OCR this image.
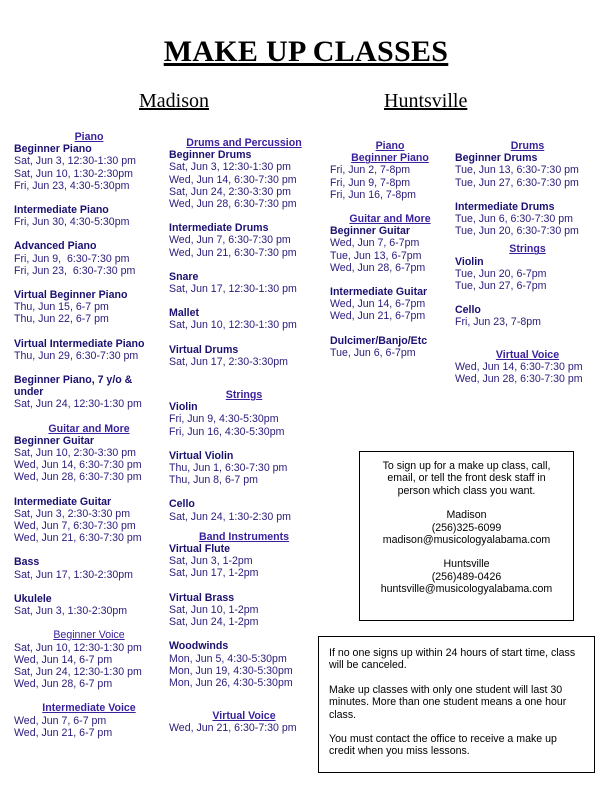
MAKE UP CLASSES
Madison	Huntsville
Piano
Beginner Piano
Sat, Jun 3, 12:30-1:30 pm
Sat, Jun 10, 1:30-2:30pm
Fri, Jun 23, 4:30-5:30pm
Intermediate Piano
Fri, Jun 30, 4:30-5:30pm
Advanced Piano
Fri, Jun 9,  6:30-7:30 pm
Fri, Jun 23,  6:30-7:30 pm
Virtual Beginner Piano
Thu, Jun 15, 6-7 pm
Thu, Jun 22, 6-7 pm
Virtual Intermediate Piano
Thu, Jun 29, 6:30-7:30 pm
Beginner Piano, 7 y/o &
under
Sat, Jun 24, 12:30-1:30 pm
Guitar and More
Beginner Guitar
Sat, Jun 10, 2:30-3:30 pm
Wed, Jun 14, 6:30-7:30 pm
Wed, Jun 28, 6:30-7:30 pm
Intermediate Guitar
Sat, Jun 3, 2:30-3:30 pm
Wed, Jun 7, 6:30-7:30 pm
Wed, Jun 21, 6:30-7:30 pm
Bass
Sat, Jun 17, 1:30-2:30pm
Ukulele
Sat, Jun 3, 1:30-2:30pm
Beginner Voice
Sat, Jun 10, 12:30-1:30 pm
Wed, Jun 14, 6-7 pm
Sat, Jun 24, 12:30-1:30 pm
Wed, Jun 28, 6-7 pm
Intermediate Voice
Wed, Jun 7, 6-7 pm
Wed, Jun 21, 6-7 pm
Drums and Percussion
Beginner Drums
Sat, Jun 3, 12:30-1:30 pm
Wed, Jun 14, 6:30-7:30 pm
Sat, Jun 24, 2:30-3:30 pm
Wed, Jun 28, 6:30-7:30 pm
Intermediate Drums
Wed, Jun 7, 6:30-7:30 pm
Wed, Jun 21, 6:30-7:30 pm
Snare
Sat, Jun 17, 12:30-1:30 pm
Mallet
Sat, Jun 10, 12:30-1:30 pm
Virtual Drums
Sat, Jun 17, 2:30-3:30pm
Strings
Violin
Fri, Jun 9, 4:30-5:30pm
Fri, Jun 16, 4:30-5:30pm
Virtual Violin
Thu, Jun 1, 6:30-7:30 pm
Thu, Jun 8, 6-7 pm
Cello
Sat, Jun 24, 1:30-2:30 pm
Band Instruments
Virtual Flute
Sat, Jun 3, 1-2pm
Sat, Jun 17, 1-2pm
Virtual Brass
Sat, Jun 10, 1-2pm
Sat, Jun 24, 1-2pm
Woodwinds
Mon, Jun 5, 4:30-5:30pm
Mon, Jun 19, 4:30-5:30pm
Mon, Jun 26, 4:30-5:30pm
Virtual Voice
Wed, Jun 21, 6:30-7:30 pm
Piano
Beginner Piano
Fri, Jun 2, 7-8pm
Fri, Jun 9, 7-8pm
Fri, Jun 16, 7-8pm
Guitar and More
Beginner Guitar
Wed, Jun 7, 6-7pm
Tue, Jun 13, 6-7pm
Wed, Jun 28, 6-7pm
Intermediate Guitar
Wed, Jun 14, 6-7pm
Wed, Jun 21, 6-7pm
Dulcimer/Banjo/Etc
Tue, Jun 6, 6-7pm
Drums
Beginner Drums
Tue, Jun 13, 6:30-7:30 pm
Tue, Jun 27, 6:30-7:30 pm
Intermediate Drums
Tue, Jun 6, 6:30-7:30 pm
Tue, Jun 20, 6:30-7:30 pm
Strings
Violin
Tue, Jun 20, 6-7pm
Tue, Jun 27, 6-7pm
Cello
Fri, Jun 23, 7-8pm
Virtual Voice
Wed, Jun 14, 6:30-7:30 pm
Wed, Jun 28, 6:30-7:30 pm

To sign up for a make up class, call, email, or tell the front desk staff in person which class you want.

Madison

(256)325-6099

madison@musicologyalabama.com

Huntsville

(256)489-0426

huntsville@musicologyalabama.com

If no one signs up within 24 hours of start time, class will be canceled.

Make up classes with only one student will last 30 minutes. More than one student means a one hour class.

You must contact the office to receive a make up credit when you miss lessons.
